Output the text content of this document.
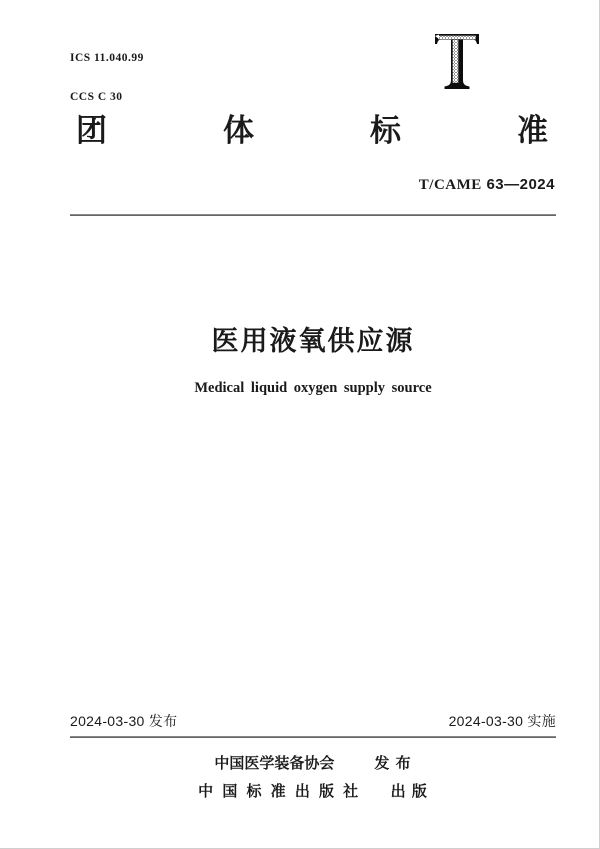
ICS 11.040.99

CCS C 30

团	体	标	准
T/CAME 63—2024
医用液氧供应源
Medical liquid oxygen supply source
2024-03-30 发布	2024-03-30 实施
中国医学装备协会	发 布
中 国 标 准 出 版 社 出 版
